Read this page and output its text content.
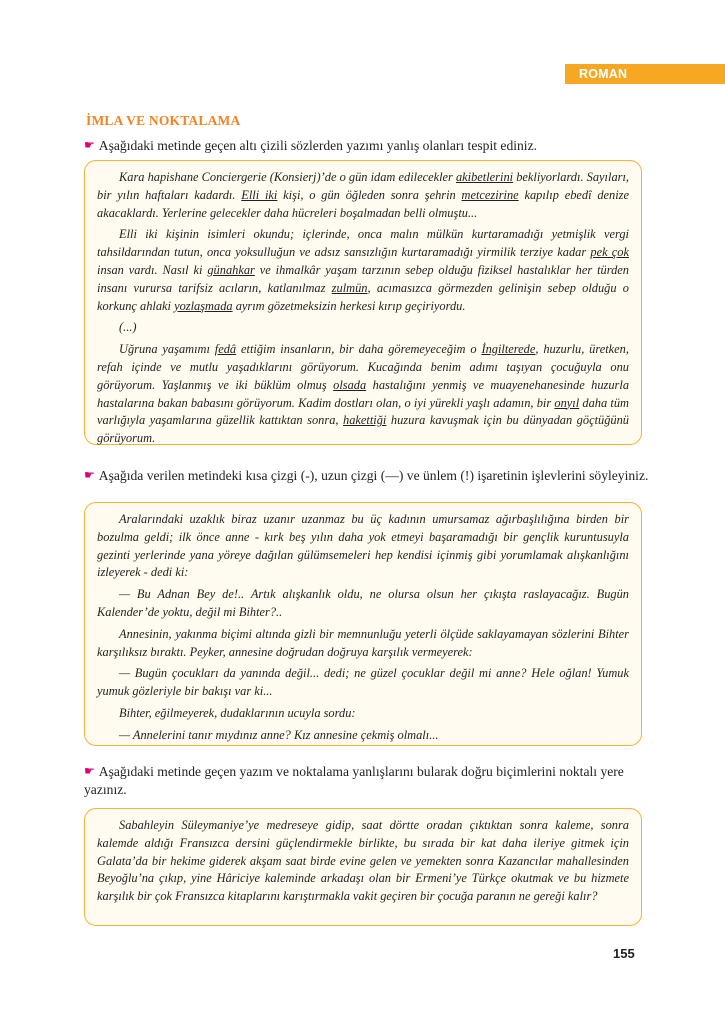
ROMAN
İMLA VE NOKTALAMA
☛ Aşağıdaki metinde geçen altı çizili sözlerden yazımı yanlış olanları tespit ediniz.

Kara hapishane Conciergerie (Konsierj)’de o gün idam edilecekler akibetlerini bekliyorlardı. Sayıları, bir yılın haftaları kadardı. Elli iki kişi, o gün öğleden sonra şehrin metcezirine kapılıp ebedî denize akacaklardı. Yerlerine gelecekler daha hücreleri boşalmadan belli olmuştu...

Elli iki kişinin isimleri okundu; içlerinde, onca malın mülkün kurtaramadığı yetmişlik vergi tahsildarından tutun, onca yoksulluğun ve adsız sansızlığın kurtaramadığı yirmilik terziye kadar pek çok insan vardı. Nasıl ki günahkar ve ihmalkâr yaşam tarzının sebep olduğu fiziksel hastalıklar her türden insanı vurursa tarifsiz acıların, katlanılmaz zulmün, acımasızca görmezden gelinişin sebep olduğu o korkunç ahlaki yozlaşmada ayrım gözetmeksizin herkesi kırıp geçiriyordu.

(...)

Uğruna yaşamımı fedâ ettiğim insanların, bir daha göremeyeceğim o İngilterede, huzurlu, üretken, refah içinde ve mutlu yaşadıklarını görüyorum. Kucağında benim adımı taşıyan çocuğuyla onu görüyorum. Yaşlanmış ve iki büklüm olmuş olsada hastalığını yenmiş ve muayenehanesinde huzurla hastalarına bakan babasını görüyorum. Kadim dostları olan, o iyi yürekli yaşlı adamın, bir onyıl daha tüm varlığıyla yaşamlarına güzellik kattıktan sonra, hakettiği huzura kavuşmak için bu dünyadan göçtüğünü görüyorum.

☛ Aşağıda verilen metindeki kısa çizgi (-), uzun çizgi (—) ve ünlem (!) işaretinin işlevlerini söyleyiniz.

Aralarındaki uzaklık biraz uzanır uzanmaz bu üç kadının umursamaz ağırbaşlılığına birden bir bozulma geldi; ilk önce anne - kırk beş yılın daha yok etmeyi başaramadığı bir gençlik kuruntusuyla gezinti yerlerinde yana yöreye dağılan gülümsemeleri hep kendisi içinmiş gibi yorumlamak alışkanlığını izleyerek - dedi ki:

— Bu Adnan Bey de!.. Artık alışkanlık oldu, ne olursa olsun her çıkışta raslayacağız. Bugün Kalender’de yoktu, değil mi Bihter?..

Annesinin, yakınma biçimi altında gizli bir memnunluğu yeterli ölçüde saklayamayan sözlerini Bihter karşılıksız bıraktı. Peyker, annesine doğrudan doğruya karşılık vermeyerek:

— Bugün çocukları da yanında değil... dedi; ne güzel çocuklar değil mi anne? Hele oğlan! Yumuk yumuk gözleriyle bir bakışı var ki...

Bihter, eğilmeyerek, dudaklarının ucuyla sordu:

— Annelerini tanır mıydınız anne? Kız annesine çekmiş olmalı...

☛ Aşağıdaki metinde geçen yazım ve noktalama yanlışlarını bularak doğru biçimlerini noktalı yere yazınız.

Sabahleyin Süleymaniye’ye medreseye gidip, saat dörtte oradan çıktıktan sonra kaleme, sonra kalemde aldığı Fransızca dersini güçlendirmekle birlikte, bu sırada bir kat daha ileriye gitmek için Galata’da bir hekime giderek akşam saat birde evine gelen ve yemekten sonra Kazancılar mahallesinden Beyoğlu’na çıkıp, yine Hâriciye kaleminde arkadaşı olan bir Ermeni’ye Türkçe okutmak ve bu hizmete karşılık bir çok Fransızca kitaplarını karıştırmakla vakit geçiren bir çocuğa paranın ne gereği kalır?

155
